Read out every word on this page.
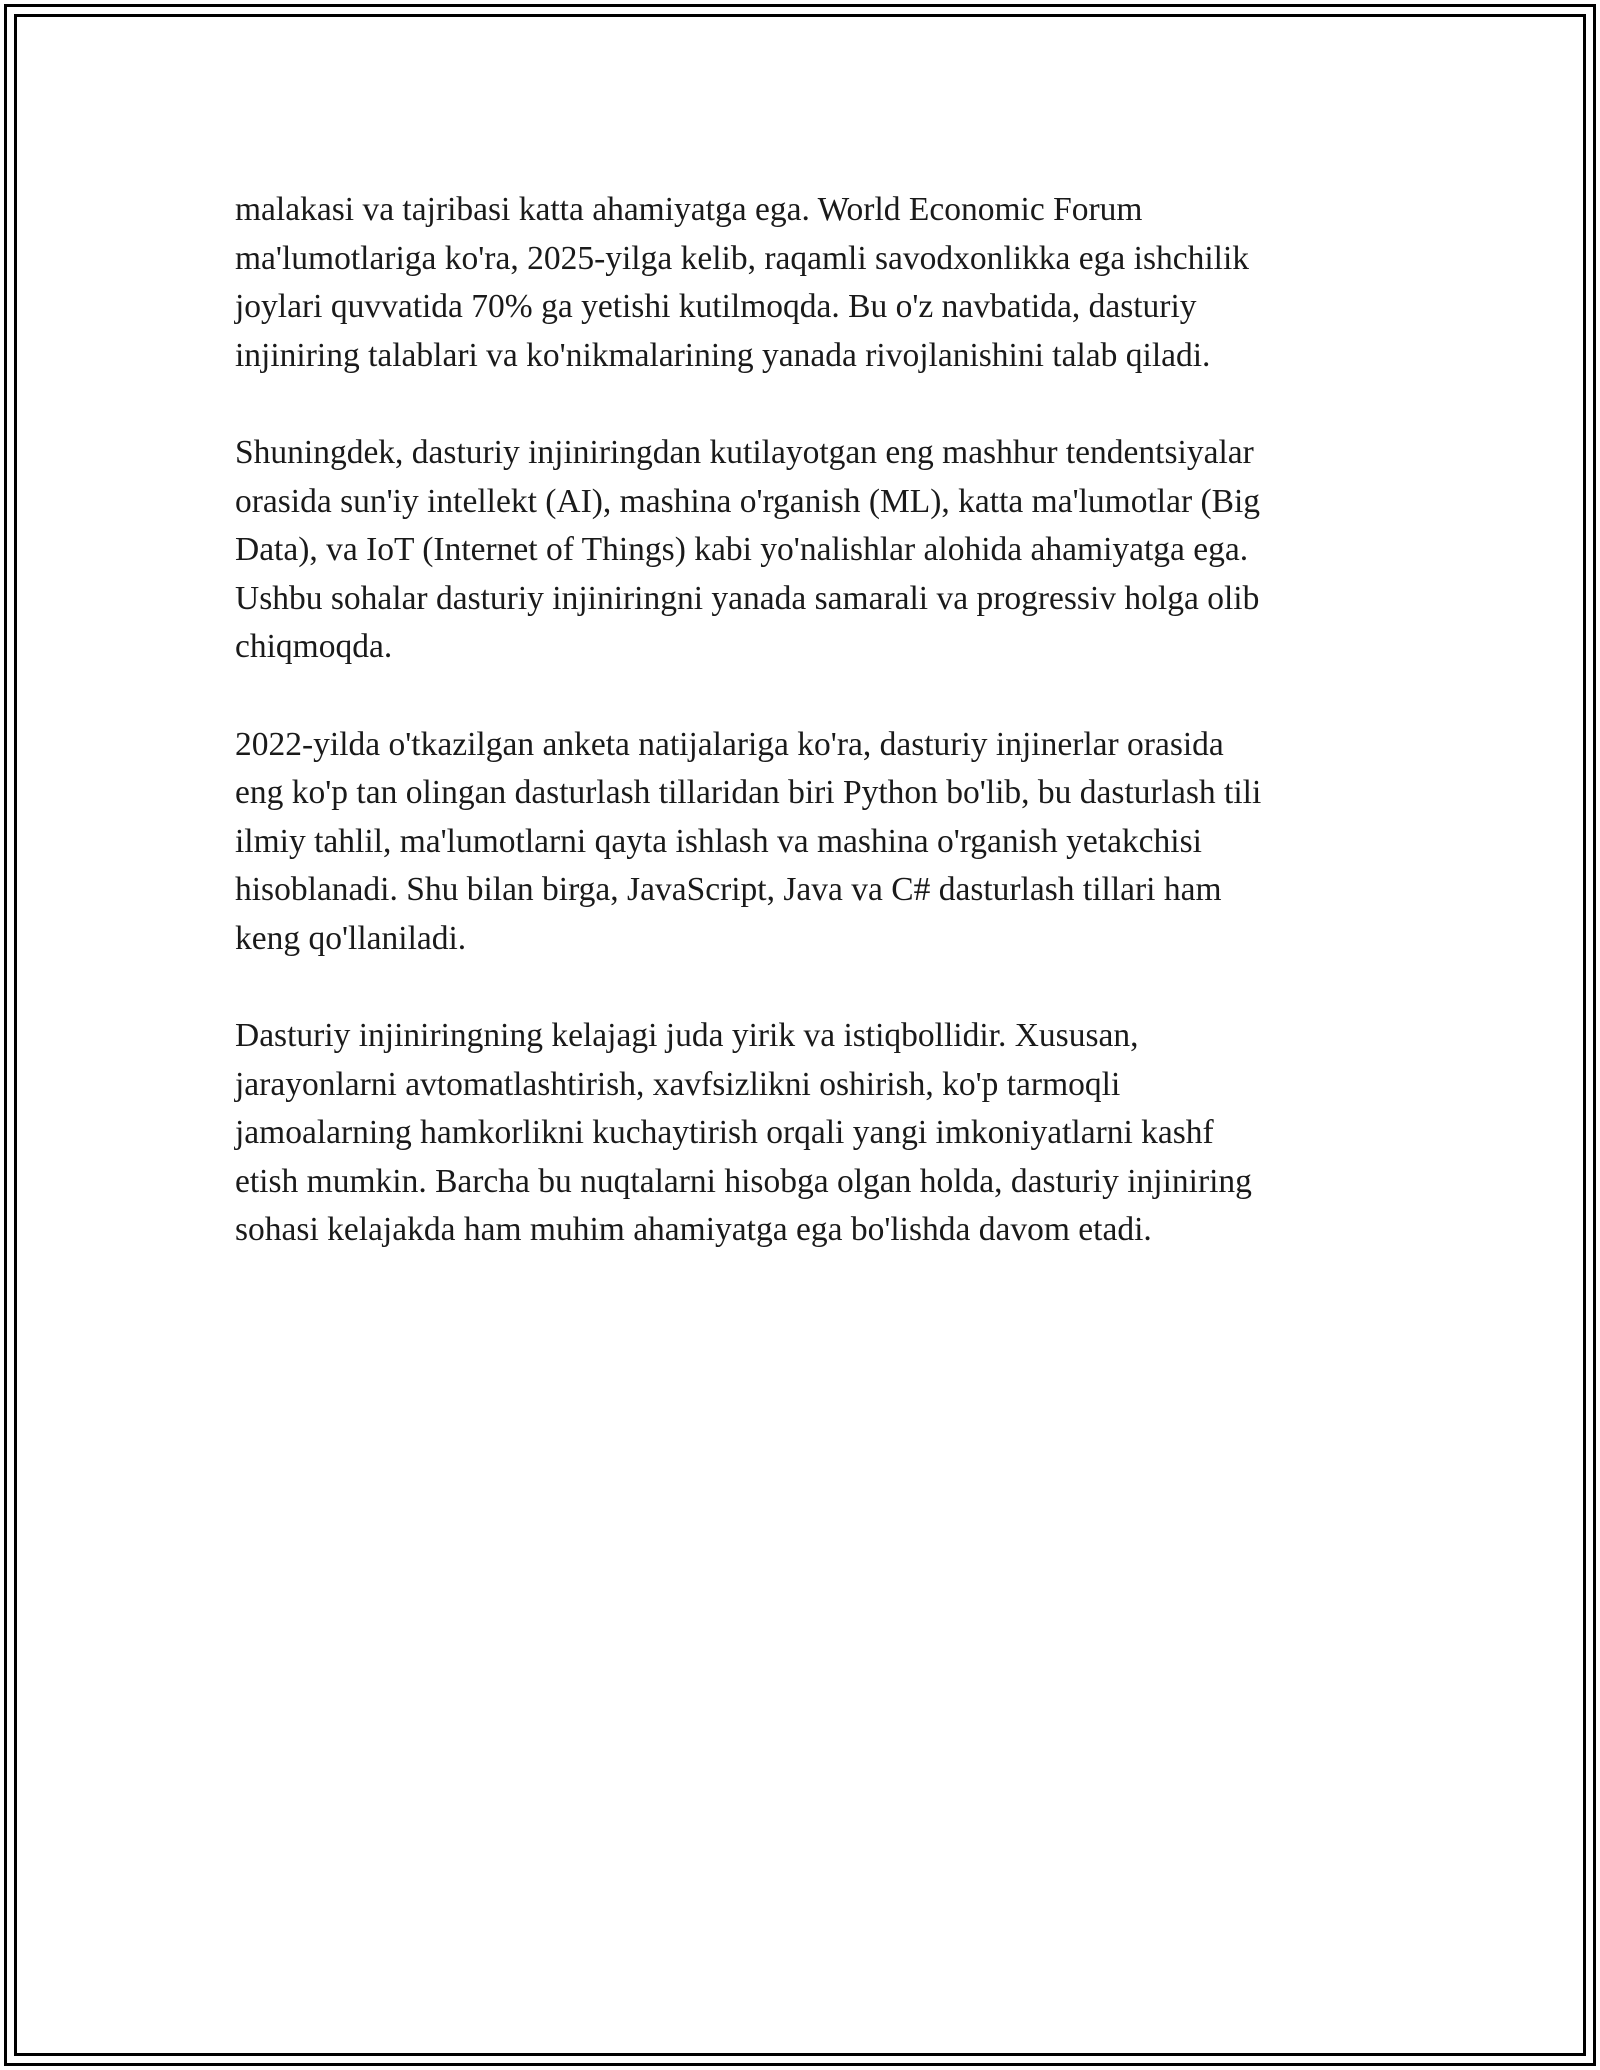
malakasi va tajribasi katta ahamiyatga ega. World Economic Forum
ma'lumotlariga ko'ra, 2025-yilga kelib, raqamli savodxonlikka ega ishchilik
joylari quvvatida 70% ga yetishi kutilmoqda. Bu o'z navbatida, dasturiy
injiniring talablari va ko'nikmalarining yanada rivojlanishini talab qiladi.

Shuningdek, dasturiy injiniringdan kutilayotgan eng mashhur tendentsiyalar
orasida sun'iy intellekt (AI), mashina o'rganish (ML), katta ma'lumotlar (Big
Data), va IoT (Internet of Things) kabi yo'nalishlar alohida ahamiyatga ega.
Ushbu sohalar dasturiy injiniringni yanada samarali va progressiv holga olib
chiqmoqda.

2022-yilda o'tkazilgan anketa natijalariga ko'ra, dasturiy injinerlar orasida
eng ko'p tan olingan dasturlash tillaridan biri Python bo'lib, bu dasturlash tili
ilmiy tahlil, ma'lumotlarni qayta ishlash va mashina o'rganish yetakchisi
hisoblanadi. Shu bilan birga, JavaScript, Java va C# dasturlash tillari ham
keng qo'llaniladi.

Dasturiy injiniringning kelajagi juda yirik va istiqbollidir. Xususan,
jarayonlarni avtomatlashtirish, xavfsizlikni oshirish, ko'p tarmoqli
jamoalarning hamkorlikni kuchaytirish orqali yangi imkoniyatlarni kashf
etish mumkin. Barcha bu nuqtalarni hisobga olgan holda, dasturiy injiniring
sohasi kelajakda ham muhim ahamiyatga ega bo'lishda davom etadi.
